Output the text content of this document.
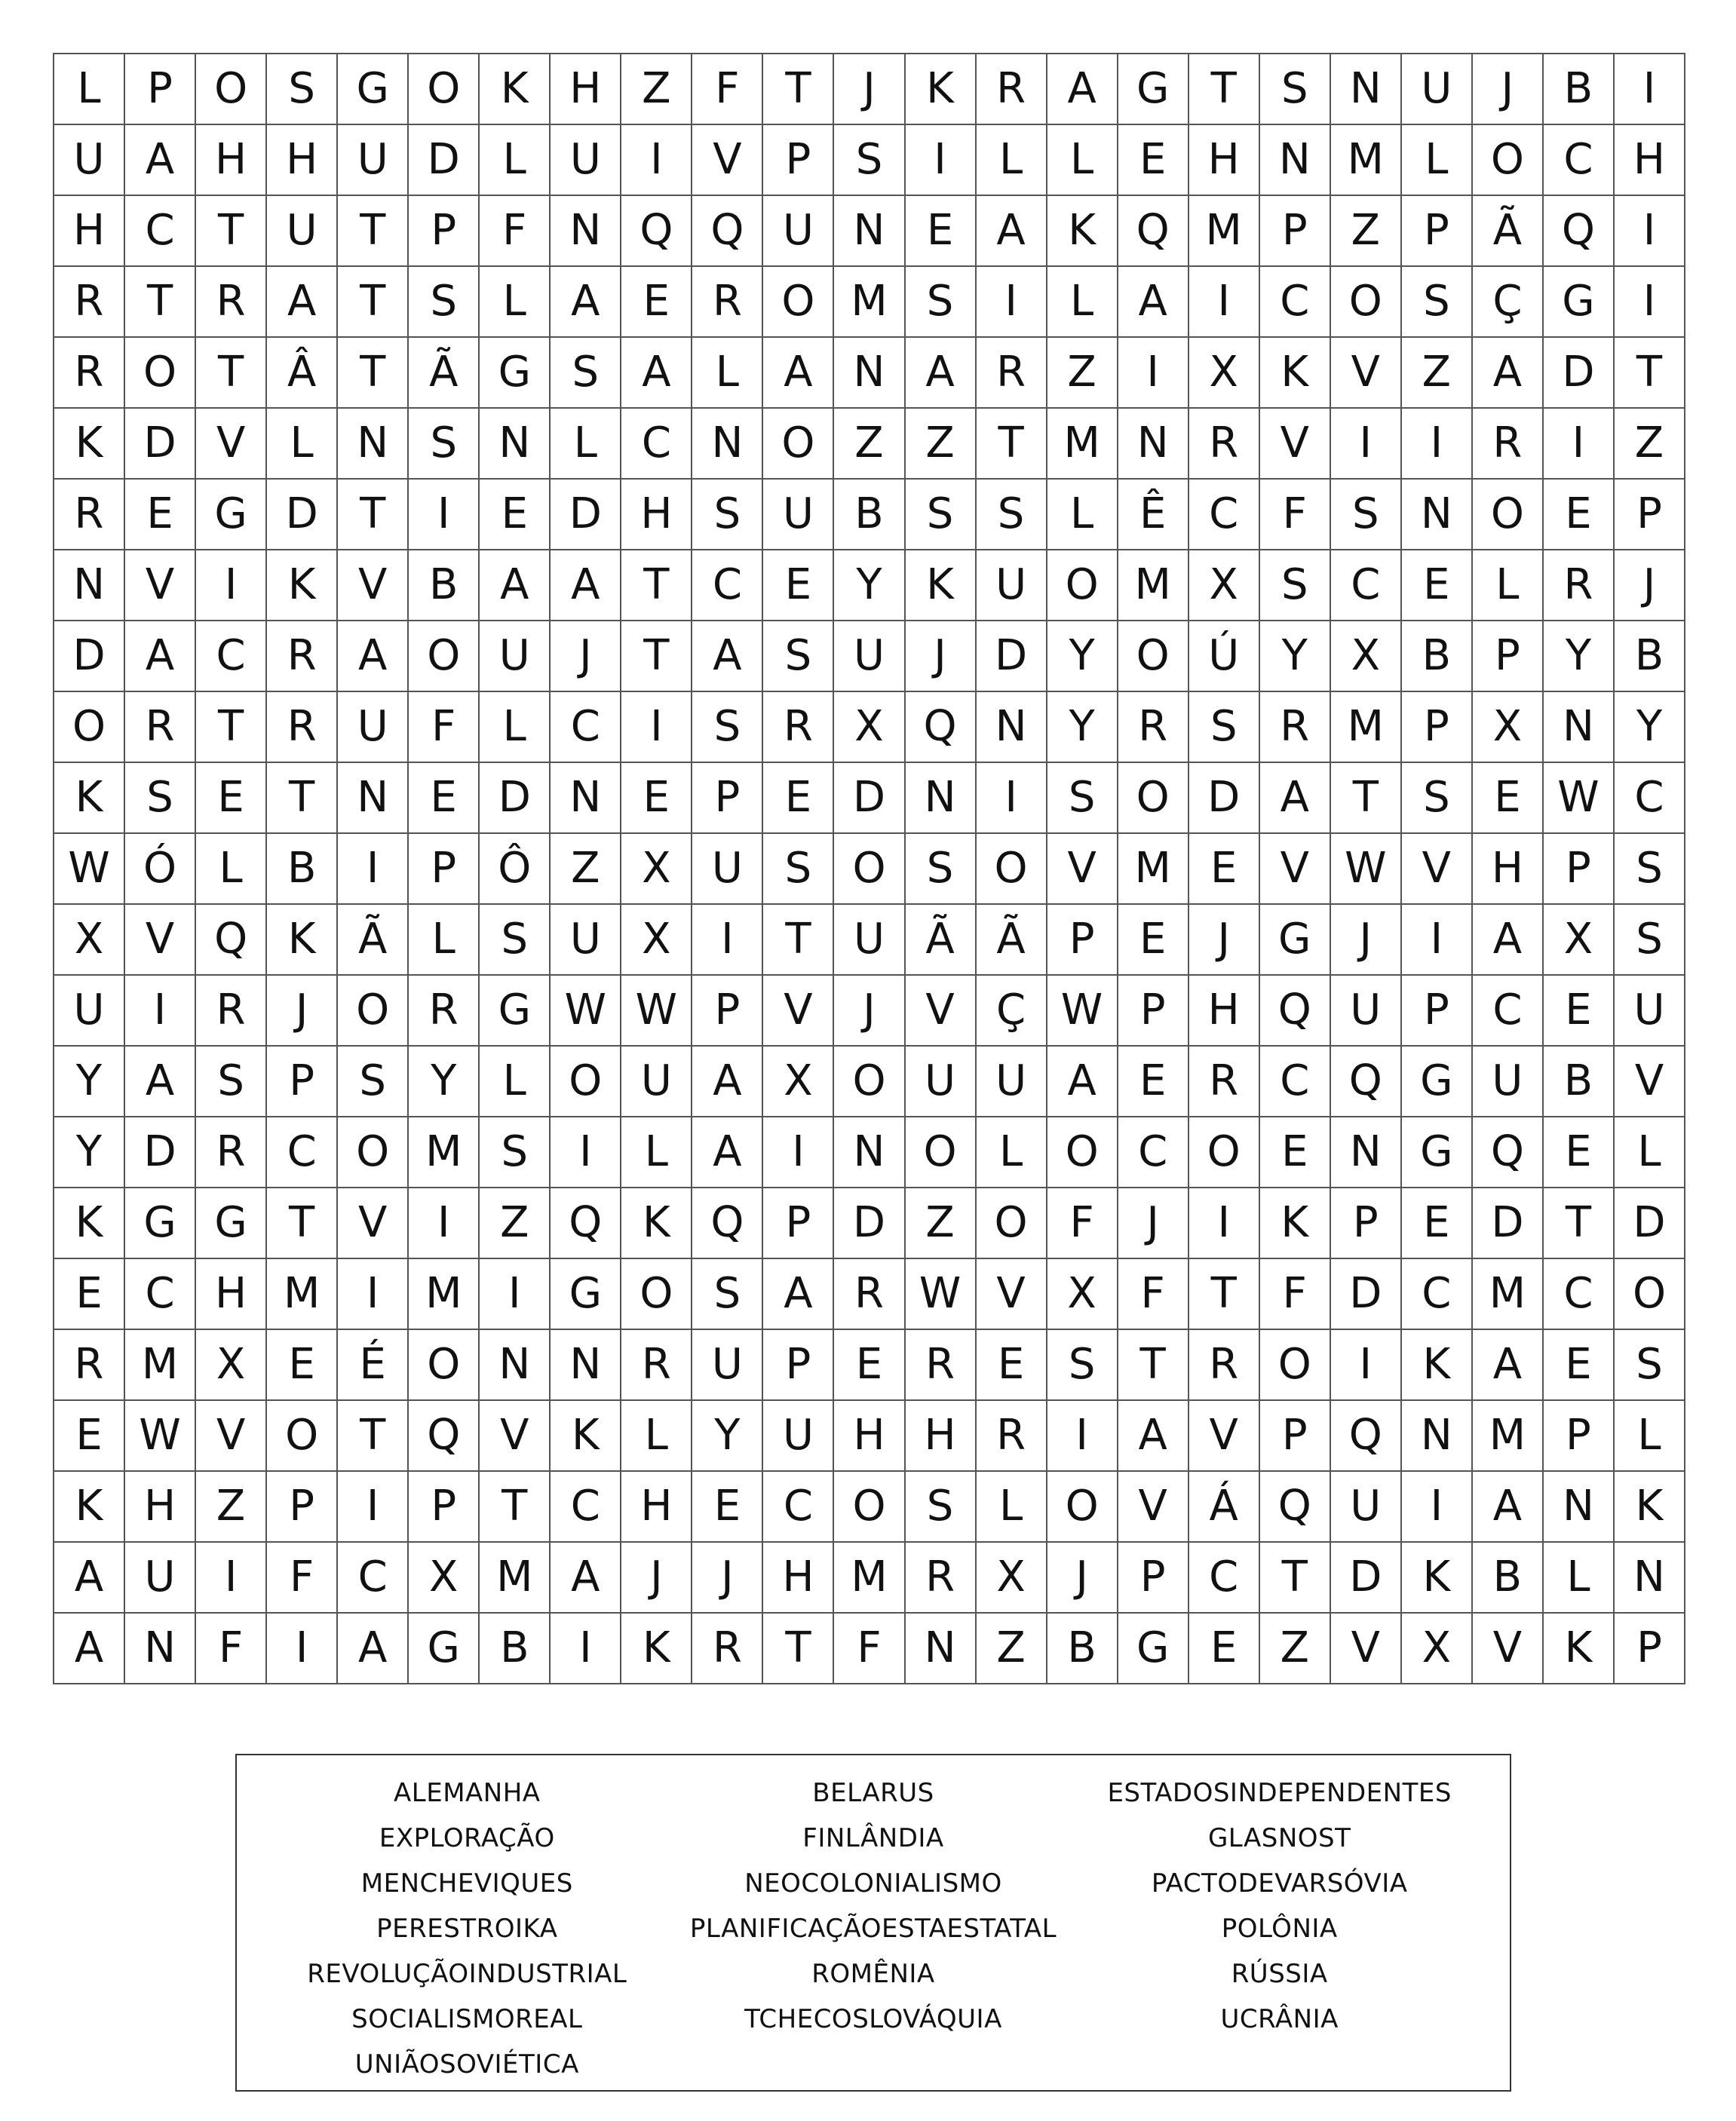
L	P O S G O K H Z	F	T	J	K	R A G T	S N U	J	B	I
U A H H U D	L	U	I	V	P	S	I	L	L	E H N M L	O C H
H C	T	U	T	P	F	N Q Q U N E	A	K Q M P	Z	P	Ã Q	I
R	T	R A	T	S	L	A	E	R O M S	I	L	A	I	C O S	Ç G	I
R O T	Â	T	Ã G S	A	L	A N A R Z	I	X	K	V Z A D T
K D V	L	N S N	L	C N O Z Z	T M N R V	I	I	R	I	Z
R	E G D T	I	E D H S U B	S	S	L	Ê	C	F	S N O E	P
N V	I	K	V B A A	T	C	E	Y	K U O M X	S	C	E	L	R	J
D A C R A O U	J	T	A	S U	J	D Y O Ú	Y	X B	P	Y	B
O R	T	R U	F	L	C	I	S	R X Q N Y	R	S	R M P	X N Y
K	S	E	T N E D N E	P	E D N	I	S O D A	T	S	E W C
W Ó	L	B	I	P Ô Z X U S O S O V M E	V W V H	P	S
X V Q K	Ã	L	S U X	I	T	U Ã Ã	P	E	J	G	J	I	A X	S
U	I	R	J	O R G W W P	V	J	V Ç W P	H Q U	P	C	E U
Y	A	S	P	S	Y	L	O U A X O U U A	E	R C Q G U B V
Y D R C O M S	I	L	A	I	N O	L	O C O E N G Q E	L
K G G T	V	I	Z Q K Q P D Z O F	J	I	K	P	E D T D
E	C H M	I	M	I	G O S	A R W V X	F	T	F	D C M C O
R M X	E	É O N N R U	P	E	R	E	S	T	R O	I	K	A	E	S
E W V O T Q V	K	L	Y	U H H R	I	A V	P Q N M P	L
K H Z	P	I	P	T	C H E	C O S	L	O V Á Q U	I	A N K
A U	I	F	C X M A	J	J	H M R X	J	P	C	T D K	B	L	N
A N	F	I	A G B	I	K	R	T	F	N Z B G E	Z V X V	K	P
ALEMANHA
EXPLORAÇÃO
MENCHEVIQUES
PERESTROIKA
REVOLUÇÃOINDUSTRIAL
SOCIALISMOREAL
UNIÃOSOVIÉTICA
BELARUS
FINLÂNDIA
NEOCOLONIALISMO
PLANIFICAÇÃOESTAESTATAL
ROMÊNIA
TCHECOSLOVÁQUIA
ESTADOSINDEPENDENTES
GLASNOST
PACTODEVARSÓVIA
POLÔNIA
RÚSSIA
UCRÂNIA
